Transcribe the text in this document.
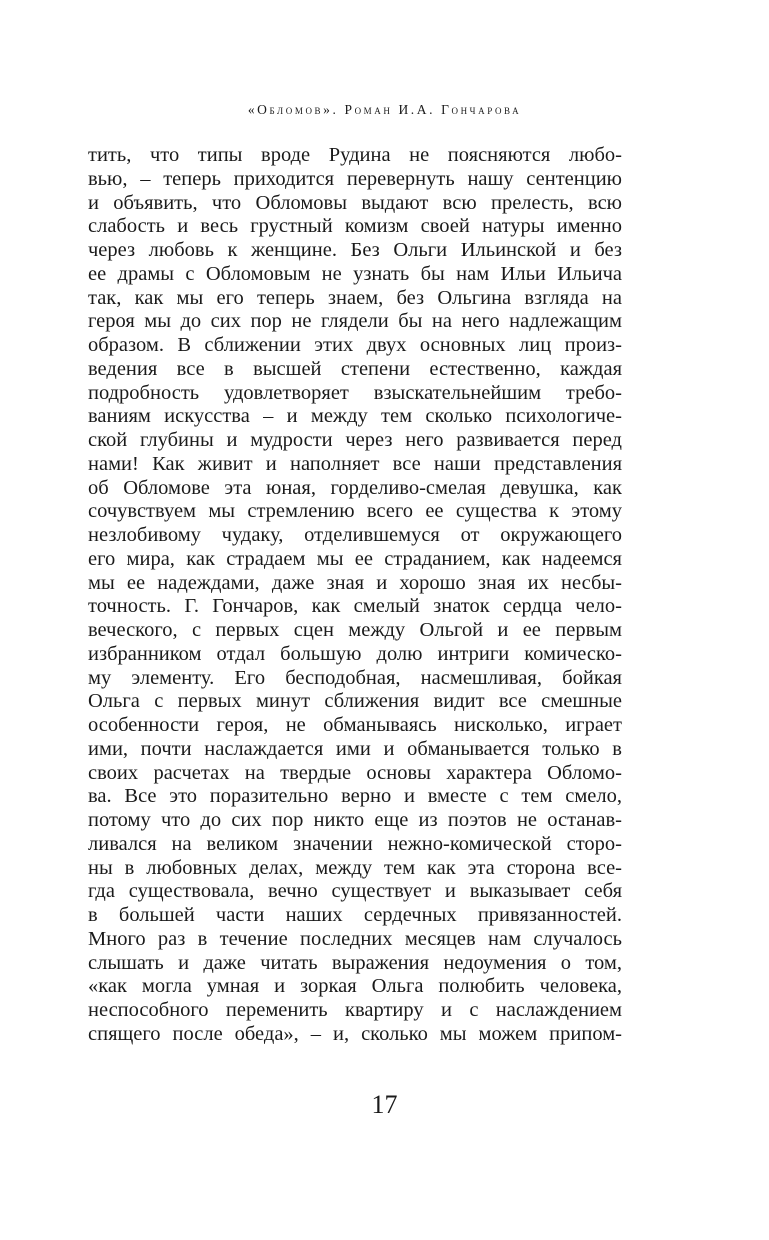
«Обломов». Роман И.А. Гончарова
тить, что типы вроде Рудина не поясняются любо-
вью, – теперь приходится перевернуть нашу сентенцию
и объявить, что Обломовы выдают всю прелесть, всю
слабость и весь грустный комизм своей натуры именно
через любовь к женщине. Без Ольги Ильинской и без
ее драмы с Обломовым не узнать бы нам Ильи Ильича
так, как мы его теперь знаем, без Ольгина взгляда на
героя мы до сих пор не глядели бы на него надлежащим
образом. В сближении этих двух основных лиц произ-
ведения все в высшей степени естественно, каждая
подробность удовлетворяет взыскательнейшим требо-
ваниям искусства – и между тем сколько психологиче-
ской глубины и мудрости через него развивается перед
нами! Как живит и наполняет все наши представления
об Обломове эта юная, горделиво-смелая девушка, как
сочувствуем мы стремлению всего ее существа к этому
незлобивому чудаку, отделившемуся от окружающего
его мира, как страдаем мы ее страданием, как надеемся
мы ее надеждами, даже зная и хорошо зная их несбы-
точность. Г. Гончаров, как смелый знаток сердца чело-
веческого, с первых сцен между Ольгой и ее первым
избранником отдал большую долю интриги комическо-
му элементу. Его бесподобная, насмешливая, бойкая
Ольга с первых минут сближения видит все смешные
особенности героя, не обманываясь нисколько, играет
ими, почти наслаждается ими и обманывается только в
своих расчетах на твердые основы характера Обломо-
ва. Все это поразительно верно и вместе с тем смело,
потому что до сих пор никто еще из поэтов не останав-
ливался на великом значении нежно-комической сторо-
ны в любовных делах, между тем как эта сторона все-
гда существовала, вечно существует и выказывает себя
в большей части наших сердечных привязанностей.
Много раз в течение последних месяцев нам случалось
слышать и даже читать выражения недоумения о том,
«как могла умная и зоркая Ольга полюбить человека,
неспособного переменить квартиру и с наслаждением
спящего после обеда», – и, сколько мы можем припом-
17
